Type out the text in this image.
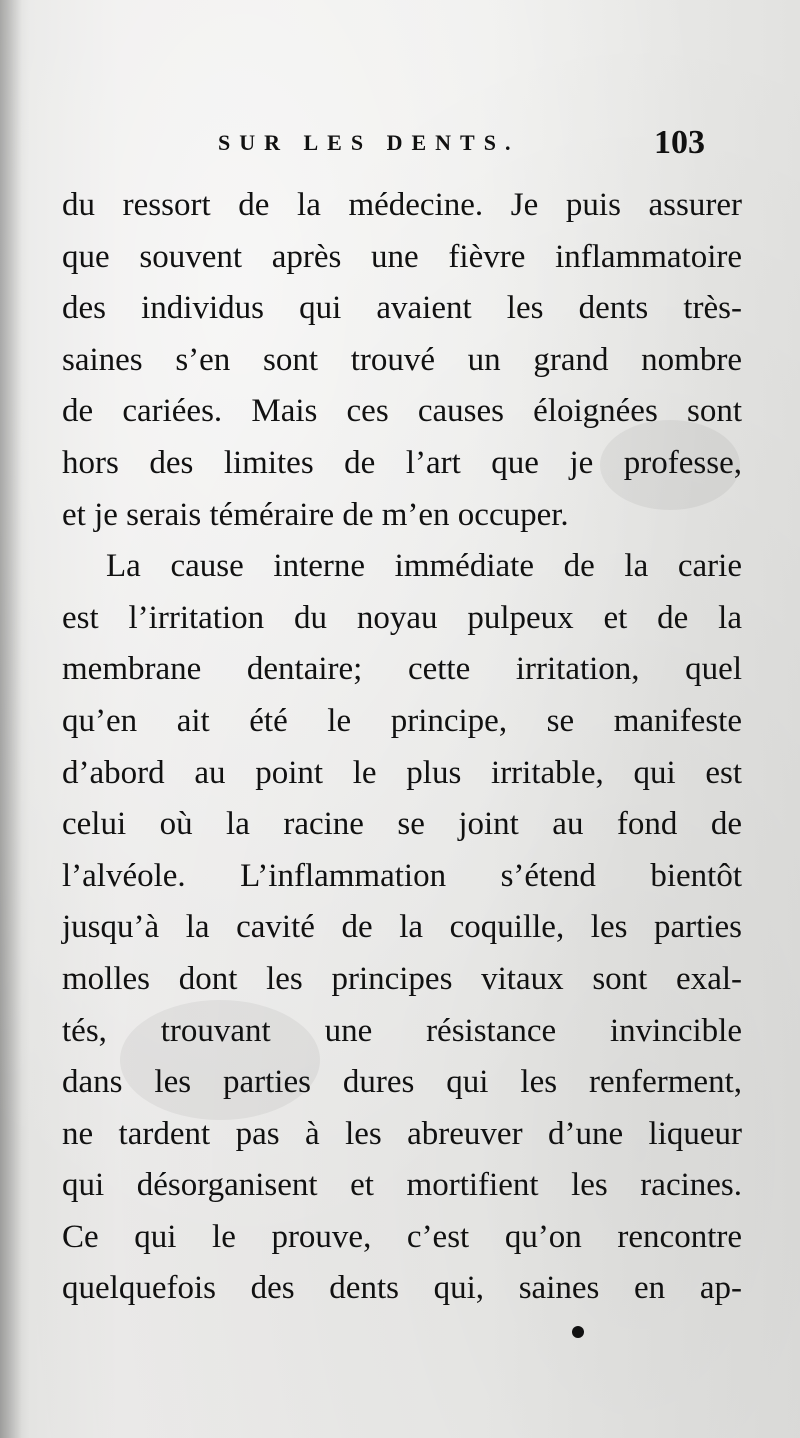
SUR LES DENTS.	103
du ressort de la médecine. Je puis assurer
que souvent après une fièvre inflammatoire
des individus qui avaient les dents très-
saines s’en sont trouvé un grand nombre
de cariées. Mais ces causes éloignées sont
hors des limites de l’art que je professe,
et je serais téméraire de m’en occuper.
La cause interne immédiate de la carie
est l’irritation du noyau pulpeux et de la
membrane dentaire; cette irritation, quel
qu’en ait été le principe, se manifeste
d’abord au point le plus irritable, qui est
celui où la racine se joint au fond de
l’alvéole. L’inflammation s’étend bientôt
jusqu’à la cavité de la coquille, les parties
molles dont les principes vitaux sont exal-
tés, trouvant une résistance invincible
dans les parties dures qui les renferment,
ne tardent pas à les abreuver d’une liqueur
qui désorganisent et mortifient les racines.
Ce qui le prouve, c’est qu’on rencontre
quelquefois des dents qui, saines en ap-
